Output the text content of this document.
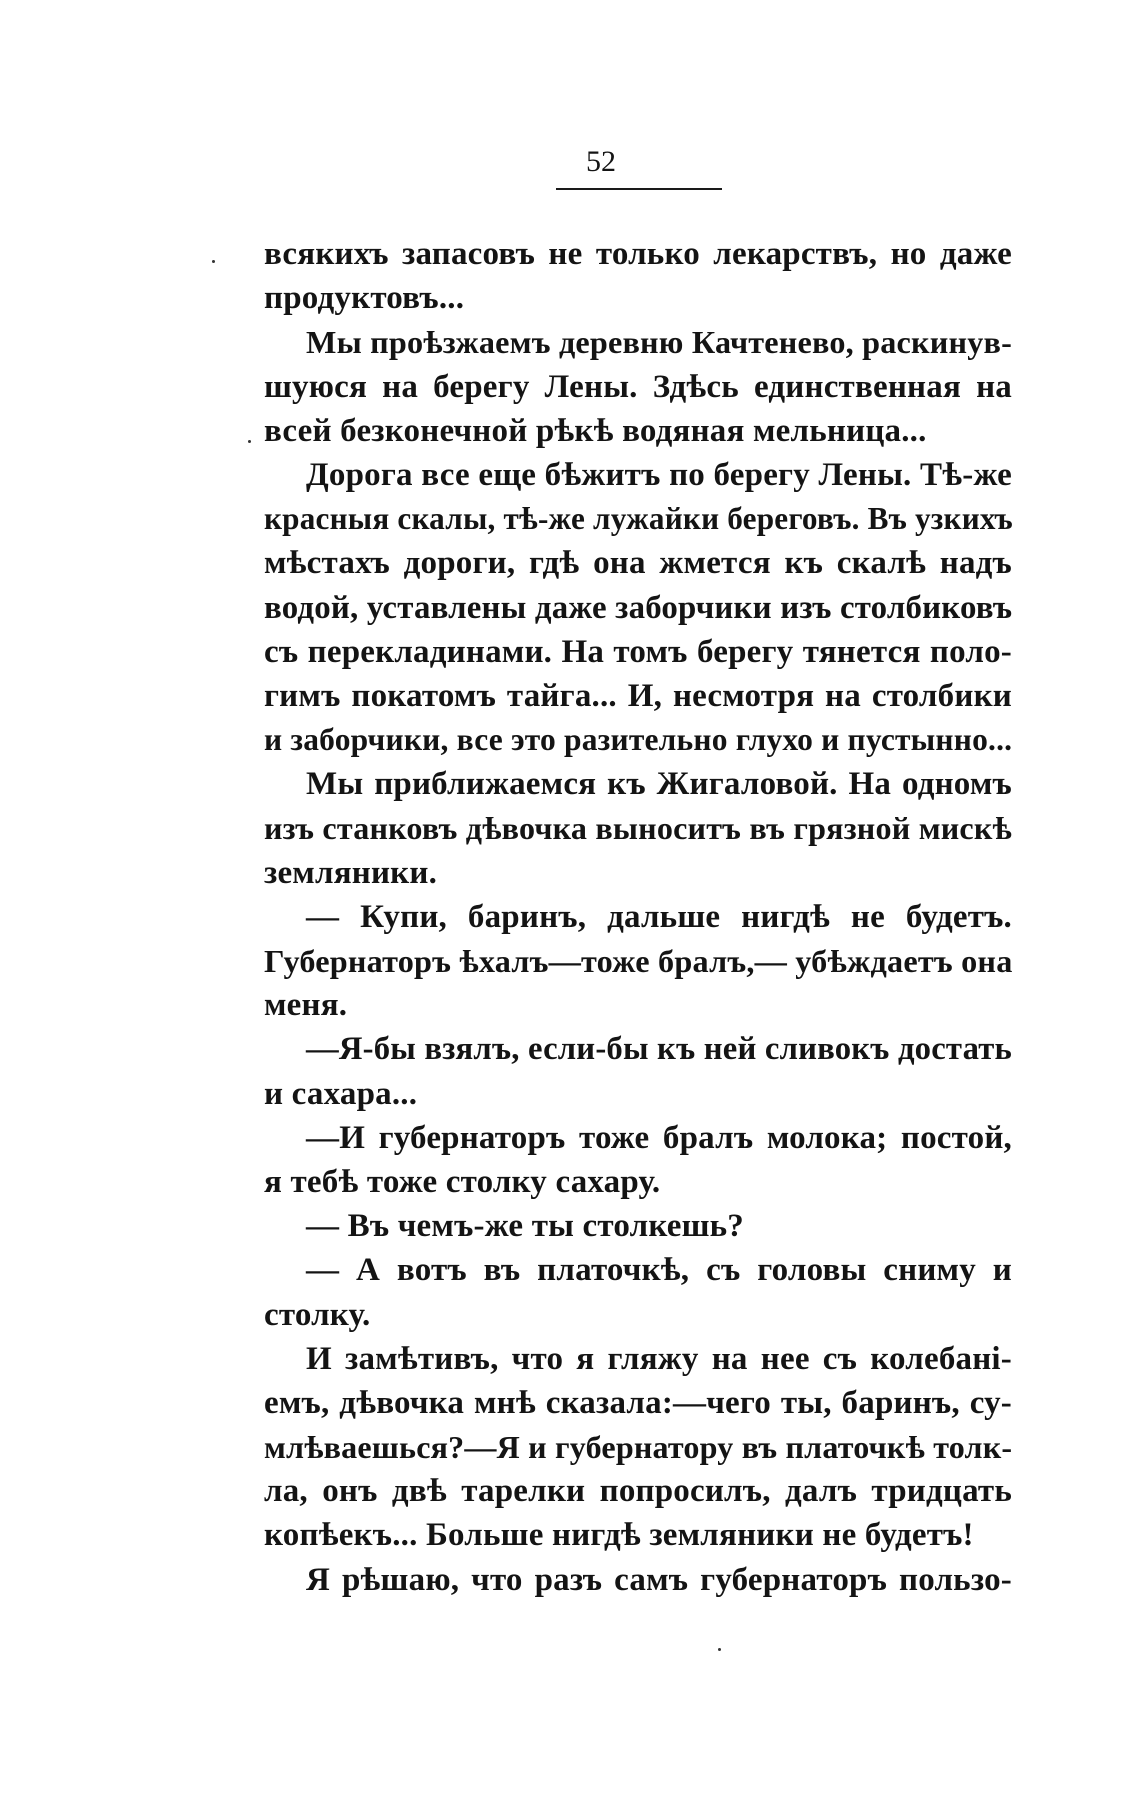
52
всякихъ запасовъ не только лекарствъ, но даже
продуктовъ...
Мы проѣзжаемъ деревню Качтенево, раскинув-
шуюся на берегу Лены. Здѣсь единственная на
всей безконечной рѣкѣ водяная мельница...
Дорога все еще бѣжитъ по берегу Лены. Тѣ-же
красныя скалы, тѣ-же лужайки береговъ. Въ узкихъ
мѣстахъ дороги, гдѣ она жмется къ скалѣ надъ
водой, уставлены даже заборчики изъ столбиковъ
съ перекладинами. На томъ берегу тянется поло-
гимъ покатомъ тайга... И, несмотря на столбики
и заборчики, все это разительно глухо и пустынно...
Мы приближаемся къ Жигаловой. На одномъ
изъ станковъ дѣвочка выноситъ въ грязной мискѣ
земляники.
— Купи, баринъ, дальше нигдѣ не будетъ.
Губернаторъ ѣхалъ—тоже бралъ,— убѣждаетъ она
меня.
—Я-бы взялъ, если-бы къ ней сливокъ достать
и сахара...
—И губернаторъ тоже бралъ молока; постой,
я тебѣ тоже столку сахару.
— Въ чемъ-же ты столкешь?
— А вотъ въ платочкѣ, съ головы сниму и
столку.
И замѣтивъ, что я гляжу на нее съ колебанi-
емъ, дѣвочка мнѣ сказала:—чего ты, баринъ, су-
млѣваешься?—Я и губернатору въ платочкѣ толк-
ла, онъ двѣ тарелки попросилъ, далъ тридцать
копѣекъ... Больше нигдѣ земляники не будетъ!
Я рѣшаю, что разъ самъ губернаторъ пользо-
